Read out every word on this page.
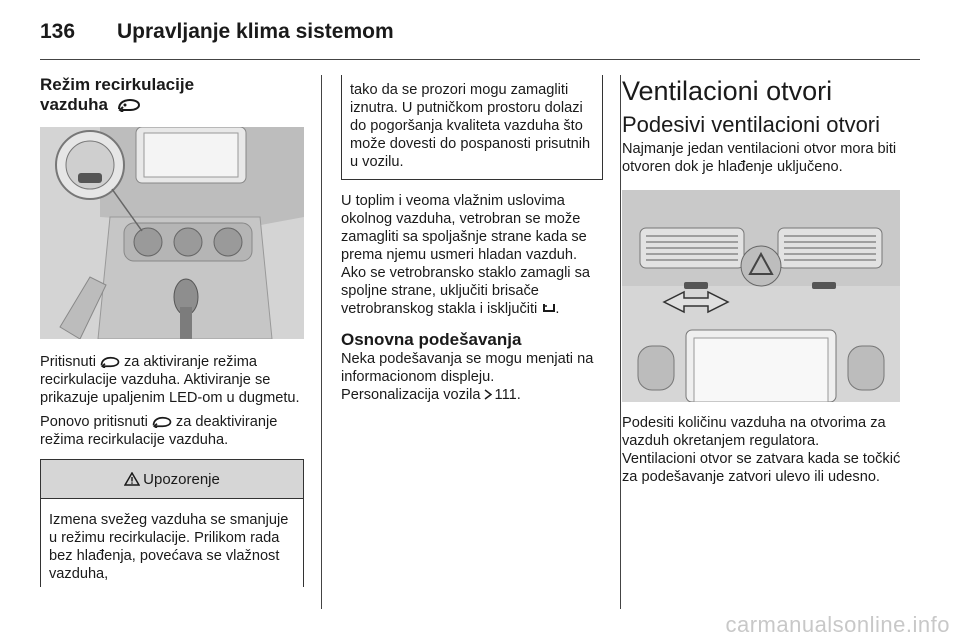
136 Upravljanje klima sistemom
Režim recirkulacije
vazduha
Pritisnuti za aktiviranje režima recirkulacije vazduha. Aktiviranje se prikazuje upaljenim LED-om u dugmetu.
Ponovo pritisnuti za deaktiviranje režima recirkulacije vazduha.
Upozorenje
Izmena svežeg vazduha se smanjuje u režimu recirkulacije. Prilikom rada bez hlađenja, povećava se vlažnost vazduha,
tako da se prozori mogu zamagliti iznutra. U putničkom prostoru dolazi do pogoršanja kvaliteta vazduha što može dovesti do pospanosti prisutnih u vozilu.
U toplim i veoma vlažnim uslovima okolnog vazduha, vetrobran se može zamagliti sa spoljašnje strane kada se prema njemu usmeri hladan vazduh. Ako se vetrobransko staklo zamagli sa spoljne strane, uključiti brisače vetrobranskog stakla i isključiti .
Osnovna podešavanja
Neka podešavanja se mogu menjati na informacionom displeju.
Personalizacija vozila 111.
Ventilacioni otvori
Podesivi ventilacioni otvori
Najmanje jedan ventilacioni otvor mora biti otvoren dok je hlađenje uključeno.
Podesiti količinu vazduha na otvorima za vazduh okretanjem regulatora.
Ventilacioni otvor se zatvara kada se točkić za podešavanje zatvori ulevo ili udesno.
carmanualsonline.info
